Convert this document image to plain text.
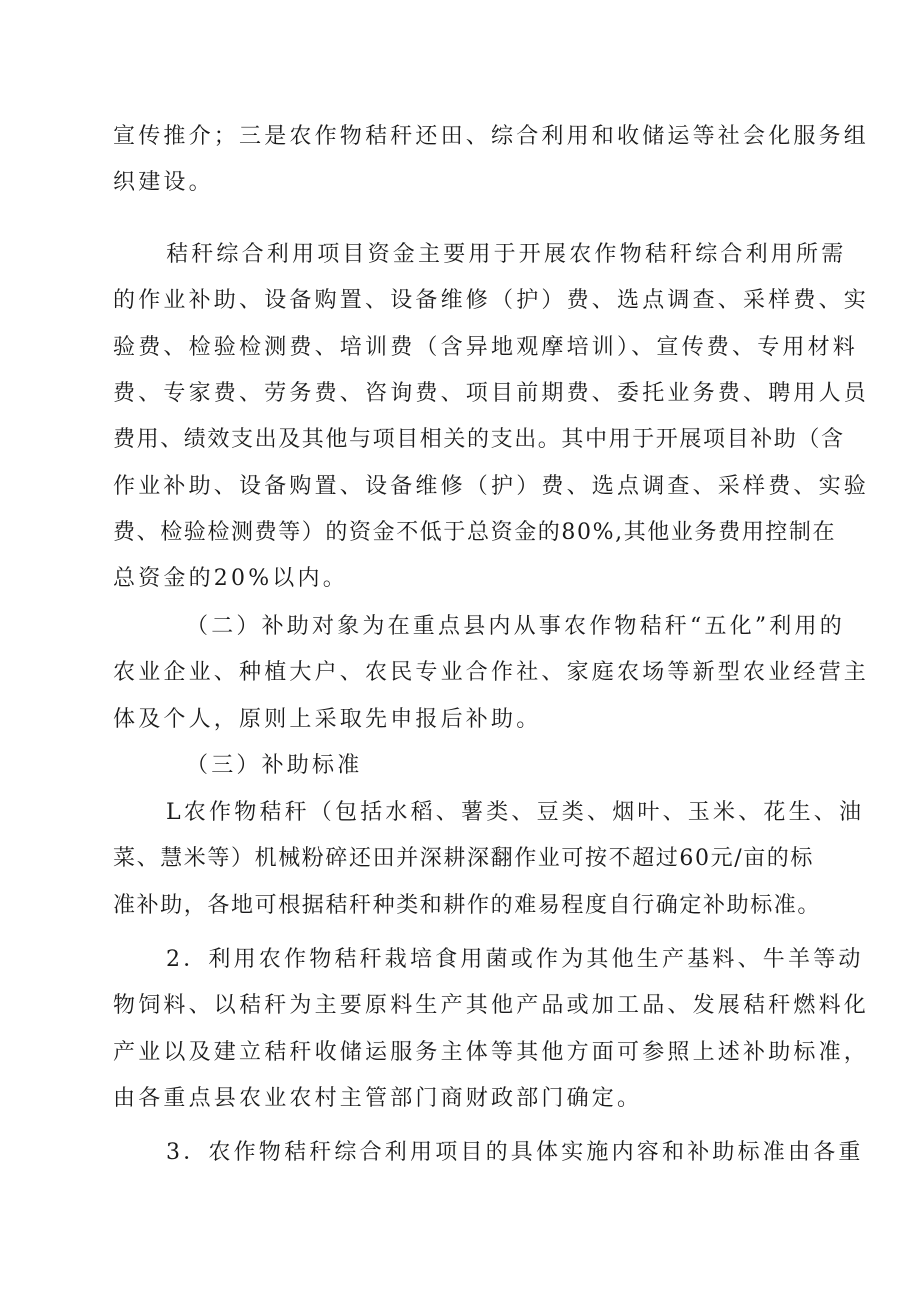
宣传推介；三是农作物秸秆还田、综合利用和收储运等社会化服务组
织建设。
秸秆综合利用项目资金主要用于开展农作物秸秆综合利用所需
的作业补助、设备购置、设备维修（护）费、选点调查、采样费、实
验费、检验检测费、培训费（含异地观摩培训）、宣传费、专用材料
费、专家费、劳务费、咨询费、项目前期费、委托业务费、聘用人员
费用、绩效支出及其他与项目相关的支出。其中用于开展项目补助（含
作业补助、设备购置、设备维修（护）费、选点调查、采样费、实验
费、检验检测费等）的资金不低于总资金的80%,其他业务费用控制在
总资金的20%以内。
（二）补助对象为在重点县内从事农作物秸秆“五化”利用的
农业企业、种植大户、农民专业合作社、家庭农场等新型农业经营主
体及个人，原则上采取先申报后补助。
（三）补助标准
L农作物秸秆（包括水稻、薯类、豆类、烟叶、玉米、花生、油
菜、慧米等）机械粉碎还田并深耕深翻作业可按不超过60元/亩的标
准补助，各地可根据秸秆种类和耕作的难易程度自行确定补助标准。
2．利用农作物秸秆栽培食用菌或作为其他生产基料、牛羊等动
物饲料、以秸秆为主要原料生产其他产品或加工品、发展秸秆燃料化
产业以及建立秸秆收储运服务主体等其他方面可参照上述补助标准，
由各重点县农业农村主管部门商财政部门确定。
3．农作物秸秆综合利用项目的具体实施内容和补助标准由各重
